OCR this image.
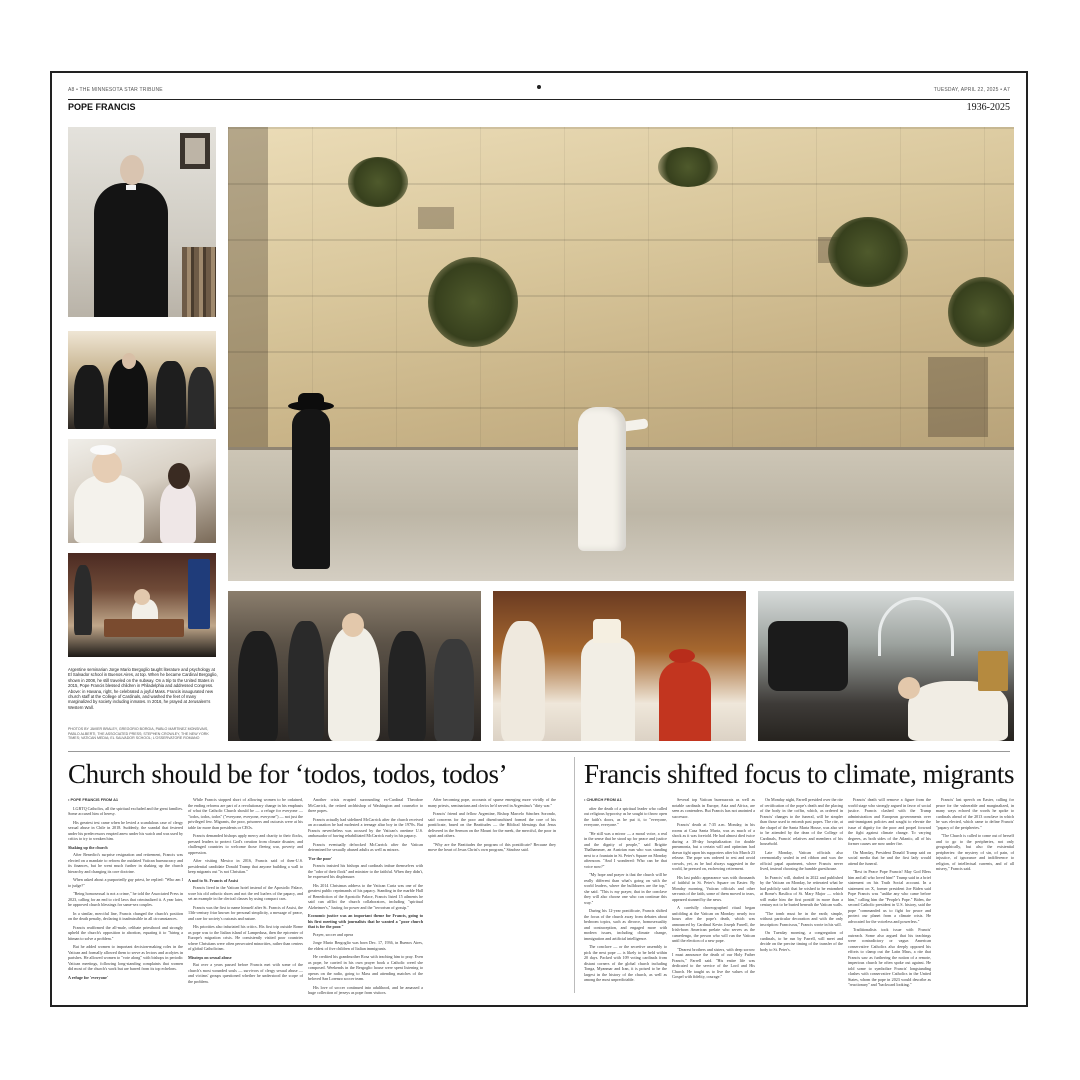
A8 • THE MINNESOTA STAR TRIBUNE	TUESDAY, APRIL 22, 2025 • A7
POPE FRANCIS	1936-2025
Argentine seminarian Jorge Mario Bergoglio taught literature and psychology at El Salvador school in Buenos Aires, at top. When he became Cardinal Bergoglio, shown in 2008, he still traveled on the subway. On a trip to the United States in 2015, Pope Francis blessed children in Philadelphia and addressed Congress. Above: in Havana, right, he celebrated a joyful Mass. Francis inaugurated new church staff at the College of Cardinals, and washed the feet of many marginalized by society including inmates. In 2016, he prayed at Jerusalem's Western Wall.
PHOTOS BY JAVIER BRALEY, GREGORIO BORGIA, PABLO MARTINEZ MONSIVAIS, PABLO ALBERTI, THE ASSOCIATED PRESS; STEPHEN CROWLEY, THE NEW YORK TIMES; VATICAN MEDIA; EL SALVADOR SCHOOL; L'OSSERVATORE ROMANO
Church should be for ‘todos, todos, todos’	Francis shifted focus to climate, migrants

• POPE FRANCIS FROM A1

LGBTQ Catholics, all the spiritual excluded and the great families. Some accused him of heresy.

His greatest test came when he levied a scandalous case of clergy sexual abuse in Chile in 2018. Suddenly, the scandal that festered under his predecessors erupted anew under his watch and was used by critics to try to weaken him.

Shaking up the church

After Benedict's surprise resignation and retirement, Francis was elected on a mandate to reform the outdated Vatican bureaucracy and its finances, but he went much further in shaking up the church hierarchy and changing its core doctrine.

When asked about a purportedly gay priest, he replied: "Who am I to judge?"

"Being homosexual is not a crime," he told the Associated Press in 2023, calling for an end to civil laws that criminalized it. A year later, he approved church blessings for same-sex couples.

In a similar, merciful line, Francis changed the church's position on the death penalty, declaring it inadmissible in all circumstances.

Francis reaffirmed the all-male, celibate priesthood and strongly upheld the church's opposition to abortion, equating it to "hiring a hitman to solve a problem."

But he added women to important decision-making roles in the Vatican and formally allowed them to serve as lectors and acolytes in parishes. He allowed women to "vote along" with bishops in periodic Vatican meetings, following long-standing complaints that women did most of the church's work but are barred from its top echelons.

A refuge for 'everyone'

While Francis stopped short of allowing women to be ordained, the ending reforms are part of a revolutionary change in his emphasis of what the Catholic Church should be — a refuge for everyone — "todos, todos, todos" ("everyone, everyone, everyone") — not just the privileged few. Migrants, the poor, prisoners and outcasts were at his table far more than presidents or CEOs.

Francis demanded bishops apply mercy and charity to their flocks, pressed leaders to protect God's creation from climate disaster, and challenged countries to welcome those fleeing war, poverty and oppression.

After visiting Mexico in 2016, Francis said of then-U.S. presidential candidate Donald Trump that anyone building a wall to keep migrants out "is not Christian."

A nod to St. Francis of Assisi

Francis lived in the Vatican hotel instead of the Apostolic Palace, wore his old orthotic shoes and not the red loafers of the papacy, and set an example in the clerical classes by using compact cars.

Francis was the first to name himself after St. Francis of Assisi, the 13th-century friar known for personal simplicity, a message of peace, and care for society's outcasts and nature.

His priorities also infuriated his critics. His first trip outside Rome as pope was to the Italian island of Lampedusa, then the epicenter of Europe's migration crisis. He consistently visited poor countries where Christians were often persecuted minorities, rather than centers of global Catholicism.

Missteps on sexual abuse

But over a years passed before Francis met with some of the church's most wounded souls — survivors of clergy sexual abuse — and victims' groups questioned whether he understood the scope of the problem.

Another crisis erupted surrounding ex-Cardinal Theodore McCarrick, the retired archbishop of Washington and counselor to three popes.

Francis actually had sidelined McCarrick after the church received an accusation he had molested a teenage altar boy in the 1970s. But Francis nevertheless was accused by the Vatican's onetime U.S. ambassador of having rehabilitated McCarrick early in his papacy.

Francis eventually defrocked McCarrick after the Vatican determined he sexually abused adults as well as minors.

'For the poor'

Francis insisted his bishops and cardinals imbue themselves with the "odor of their flock" and minister to the faithful. When they didn't, he expressed his displeasure.

His 2014 Christmas address to the Vatican Curia was one of the greatest public reprimands of his papacy. Standing in the marble Hall of Benediction of the Apostolic Palace, Francis listed 15 ailments he said can afflict the church collaborators, including "spiritual Alzheimer's," lusting for power and the "terrorism of gossip."

Economic justice was an important theme for Francis, going to his first meeting with journalists that he wanted a "poor church that is for the poor."

Prayer, soccer and opera

Jorge Mario Bergoglio was born Dec. 17, 1936, in Buenos Aires, the eldest of five children of Italian immigrants.

He credited his grandmother Rosa with teaching him to pray. Even as pope, he carried in his own prayer book a Catholic creed she composed. Weekends in the Bergoglio house were spent listening to operas on the radio, going to Mass and attending matches of the beloved San Lorenzo soccer team.

His love of soccer continued into adulthood, and he amassed a huge collection of jerseys as pope from visitors.

After becoming pope, accounts of sparse emerging more vividly of the many priests, seminarians and clerics he'd served in Argentina's "dirty war."

Francis' friend and fellow Argentine, Bishop Marcelo Sánchez Sorondo, said concerns for the poor and disenfranchised formed the core of his pontificate, based on the Beatitudes — the Biblical blessings that Jesus delivered in the Sermon on the Mount for the meek, the merciful, the poor in spirit and others.

"Why are the Beatitudes the program of this pontificate? Because they move the heart of Jesus Christ's own program," Sánchez said.

• CHURCH FROM A1

after the death of a spiritual leader who called out religious hypocrisy as he sought to throw open the faith's doors, as he put it, to "everyone, everyone, everyone."

"He still was a mirror — a moral voice, a real in the sense that he stood up for peace and justice and the dignity of people," said Brigitte Thalhammer, an Austrian nun who was standing next to a fountain in St. Peter's Square on Monday afternoon. "And I wondered: Who can be that voice now?"

"My hope and prayer is that the church will be really different than what's going on with the world leaders, where the bulldozers are the top," she said. "This is my prayer, that in the conclave they will also choose one who can continue this way."

During his 12-year pontificate, Francis shifted the focus of the church away from debates about bedroom topics, such as divorce, homosexuality and contraception, and engaged more with modern issues, including climate change, immigration and artificial intelligence.

The conclave — or the secretive assembly to pick the next pope — is likely to be held within 20 days. Packed with 109 voting cardinals from distant corners of the global church including Tonga, Myanmar and Iran, it is poised to be the largest in the history of the church, as well as among the most unpredictable.

Several top Vatican bureaucrats as well as notable cardinals in Europe, Asia and Africa, are seen as contenders. But Francis has not anointed a successor.

Francis' death at 7:35 a.m. Monday, in his rooms at Casa Santa Marta, was as much of a shock as it was foretold. He had almost died twice during a 38-day hospitalization for double pneumonia, but a certain will and optimism had drawn tight upon his supporters after his March 23 release. The pope was ordered to rest and avoid crowds, yet, as he had always suggested in the world, he pressed on, eschewing retirement.

His last public appearance was with thousands of faithful in St. Peter's Square on Easter. By Monday morning, Vatican officials and other servants of the faith, some of them moved to tears, appeared stunned by the news.

A carefully choreographed ritual began unfolding at the Vatican on Monday: nearly two hours after the pope's death, which was announced by Cardinal Kevin Joseph Farrell, the Irish-born American prelate who serves as the camerlengo, the person who will run the Vatican until the election of a new pope.

"Dearest brothers and sisters, with deep sorrow I must announce the death of our Holy Father Francis," Farrell said. "His entire life was dedicated to the service of the Lord and His Church. He taught us to live the values of the Gospel with fidelity, courage."

On Monday night, Farrell presided over the rite of certification of the pope's death and the placing of the body in the coffin, which, as ordered in Francis' changes to the funeral, will be simpler than those used to entomb past popes. The rite, at the chapel of the Santa Marta House, was also set to be attended by the dean of the College of Cardinals, Francis' relatives and members of his household.

Late Monday, Vatican officials also ceremonially sealed in red ribbon and wax the official papal apartment, where Francis never lived, instead choosing the humble guesthouse.

In Francis' will, drafted in 2022 and published by the Vatican on Monday, he reiterated what he had publicly said: that he wished to be entombed at Rome's Basilica of St. Mary Major — which will make him the first pontiff in more than a century not to be buried beneath the Vatican walls.

"The tomb must be in the earth; simple, without particular decoration and with the only inscription: Franciscus," Francis wrote in his will.

On Tuesday morning, a congregation of cardinals, to be run by Farrell, will meet and decide on the precise timing of the transfer of the body to St. Peter's.

Francis' death will remove a figure from the world stage who strongly argued in favor of social justice. Francis clashed with the Trump administration and European governments over anti-immigrant policies and sought to elevate the issue of dignity for the poor and propel forward the fight against climate change. To varying degrees, as both sides of the Atlantic, all of his former causes are now under fire.

On Monday, President Donald Trump said on social media that he and the first lady would attend the funeral.

"Rest in Peace Pope Francis! May God Bless him and all who loved him!" Trump said in a brief statement on his Truth Social account. In a statement on X, former president Joe Biden said Pope Francis was "unlike any who came before him," calling him the "People's Pope." Biden, the second Catholic president in U.S. history, said the pope "commanded us to fight for peace and protect our planet from a climate crisis. He advocated for the voiceless and powerless."

Traditionalists took issue with Francis' outreach. Some also argued that his teachings were contradictory or vague. American conservative Catholics also deeply opposed his efforts to clamp out the Latin Mass, a rite that Francis saw as furthering the notion of a remote, imperious church he often spoke out against. He told some to symbolize Francis' longstanding clashes with conservative Catholics in the United States, whom the pope in 2023 would describe as "reactionary" and "backward looking."

Francis' last speech on Easter, calling for peace for the vulnerable and marginalized, in many ways echoed the words he spoke to cardinals ahead of the 2013 conclave in which he was elected, which came to define Francis' "papacy of the peripheries."

"The Church is called to come out of herself and to go to the peripheries, not only geographically, but also the existential peripheries: the mystery of sin, of pain, of injustice, of ignorance and indifference to religion, of intellectual currents, and of all misery," Francis said.
